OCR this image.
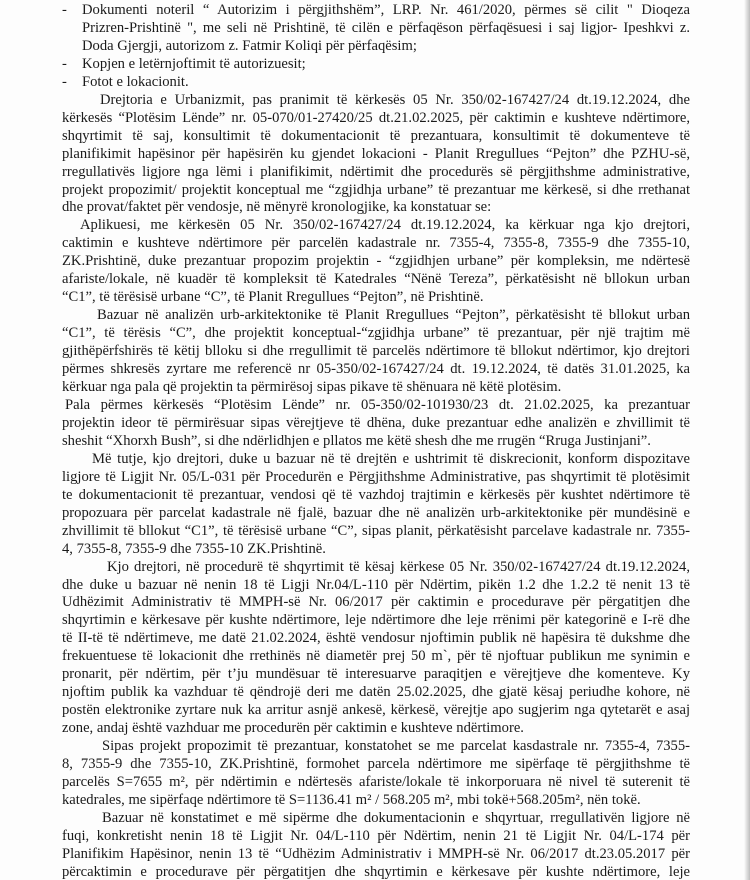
-	Dokumenti noteril “ Autorizim i përgjithshëm”, LRP. Nr. 461/2020, përmes së cilit " Dioqeza

Prizren-Prishtinë ", me seli në Prishtinë, të cilën e përfaqëson përfaqësuesi i saj ligjor- Ipeshkvi z.

Doda Gjergji, autorizom z. Fatmir Koliqi për përfaqësim;

-	Kopjen e letërnjoftimit të autorizuesit;

-	Fotot e lokacionit.

Drejtoria e Urbanizmit, pas pranimit të kërkesës 05 Nr. 350/02-167427/24 dt.19.12.2024, dhe

kërkesës “Plotësim Lënde” nr. 05-070/01-27420/25 dt.21.02.2025, për caktimin e kushteve ndërtimore,

shqyrtimit të saj, konsultimit të dokumentacionit të prezantuara, konsultimit të dokumenteve të

planifikimit hapësinor për hapësirën ku gjendet lokacioni - Planit Rregullues “Pejton” dhe PZHU-së,

rregullativës ligjore nga lëmi i planifikimit, ndërtimit dhe procedurës së përgjithshme administrative,

projekt propozimit/ projektit konceptual me “zgjidhja urbane” të prezantuar me kërkesë, si dhe rrethanat

dhe provat/faktet për vendosje, në mënyrë kronologjike, ka konstatuar se:

Aplikuesi, me kërkesën 05 Nr. 350/02-167427/24 dt.19.12.2024, ka kërkuar nga kjo drejtori,

caktimin e kushteve ndërtimore për parcelën kadastrale nr. 7355-4, 7355-8, 7355-9 dhe 7355-10,

ZK.Prishtinë, duke prezantuar propozim projektin - “zgjidhjen urbane” për kompleksin, me ndërtesë

afariste/lokale, në kuadër të kompleksit të Katedrales “Nënë Tereza”, përkatësisht në bllokun urban

“C1”, të tërësisë urbane “C”, të Planit Rregullues “Pejton”, në Prishtinë.

Bazuar në analizën urb-arkitektonike të Planit Rregullues “Pejton”, përkatësisht të bllokut urban

“C1”, të tërësis “C”, dhe projektit konceptual-“zgjidhja urbane” të prezantuar, për një trajtim më

gjithëpërfshirës të këtij blloku si dhe rregullimit të parcelës ndërtimore të bllokut ndërtimor, kjo drejtori

përmes shkresës zyrtare me referencë nr 05-350/02-167427/24 dt. 19.12.2024, të datës 31.01.2025, ka

kërkuar nga pala që projektin ta përmirësoj sipas pikave të shënuara në këtë plotësim.

Pala përmes kërkesës “Plotësim Lënde” nr. 05-350/02-101930/23 dt. 21.02.2025, ka prezantuar

projektin ideor të përmirësuar sipas vërejtjeve të dhëna, duke prezantuar edhe analizën e zhvillimit të

sheshit “Xhorxh Bush”, si dhe ndërlidhjen e pllatos me këtë shesh dhe me rrugën “Rruga Justinjani”.

Më tutje, kjo drejtori, duke u bazuar në të drejtën e ushtrimit të diskrecionit, konform dispozitave

ligjore të Ligjit Nr. 05/L-031 për Procedurën e Përgjithshme Administrative, pas shqyrtimit të plotësimit

te dokumentacionit të prezantuar, vendosi që të vazhdoj trajtimin e kërkesës për kushtet ndërtimore të

propozuara për parcelat kadastrale në fjalë, bazuar dhe në analizën urb-arkitektonike për mundësinë e

zhvillimit të bllokut “C1”, të tërësisë urbane “C”, sipas planit, përkatësisht parcelave kadastrale nr. 7355-

4, 7355-8, 7355-9 dhe 7355-10 ZK.Prishtinë.

Kjo drejtori, në procedurë të shqyrtimit të kësaj kërkese 05 Nr. 350/02-167427/24 dt.19.12.2024,

dhe duke u bazuar në nenin 18 të Ligji Nr.04/L-110 për Ndërtim, pikën 1.2 dhe 1.2.2 të nenit 13 të

Udhëzimit Administrativ të MMPH-së Nr. 06/2017 për caktimin e procedurave për përgatitjen dhe

shqyrtimin e kërkesave për kushte ndërtimore, leje ndërtimore dhe leje rrënimi për kategorinë e I-rë dhe

të II-të të ndërtimeve, me datë 21.02.2024, është vendosur njoftimin publik në hapësira të dukshme dhe

frekuentuese të lokacionit dhe rrethinës në diametër prej 50 m`, për të njoftuar publikun me synimin e

pronarit, për ndërtim, për t’ju mundësuar të interesuarve paraqitjen e vërejtjeve dhe komenteve. Ky

njoftim publik ka vazhduar të qëndrojë deri me datën 25.02.2025, dhe gjatë kësaj periudhe kohore, në

postën elektronike zyrtare nuk ka arritur asnjë ankesë, kërkesë, vërejtje apo sugjerim nga qytetarët e asaj

zone, andaj është vazhduar me procedurën për caktimin e kushteve ndërtimore.

Sipas projekt propozimit të prezantuar, konstatohet se me parcelat kasdastrale nr. 7355-4, 7355-

8, 7355-9 dhe 7355-10, ZK.Prishtinë, formohet parcela ndërtimore me sipërfaqe të përgjithshme të

parcelës S=7655 m², për ndërtimin e ndërtesës afariste/lokale të inkorporuara në nivel të suterenit të

katedrales, me sipërfaqe ndërtimore të S=1136.41 m² / 568.205 m², mbi tokë+568.205m², nën tokë.

Bazuar në konstatimet e më sipërme dhe dokumentacionin e shqyrtuar, rregullativën ligjore në

fuqi, konkretisht nenin 18 të Ligjit Nr. 04/L-110 për Ndërtim, nenin 21 të Ligjit Nr. 04/L-174 për

Planifikim Hapësinor, nenin 13 të “Udhëzim Administrativ i MMPH-së Nr. 06/2017 dt.23.05.2017 për

përcaktimin e procedurave për përgatitjen dhe shqyrtimin e kërkesave për kushte ndërtimore, leje
